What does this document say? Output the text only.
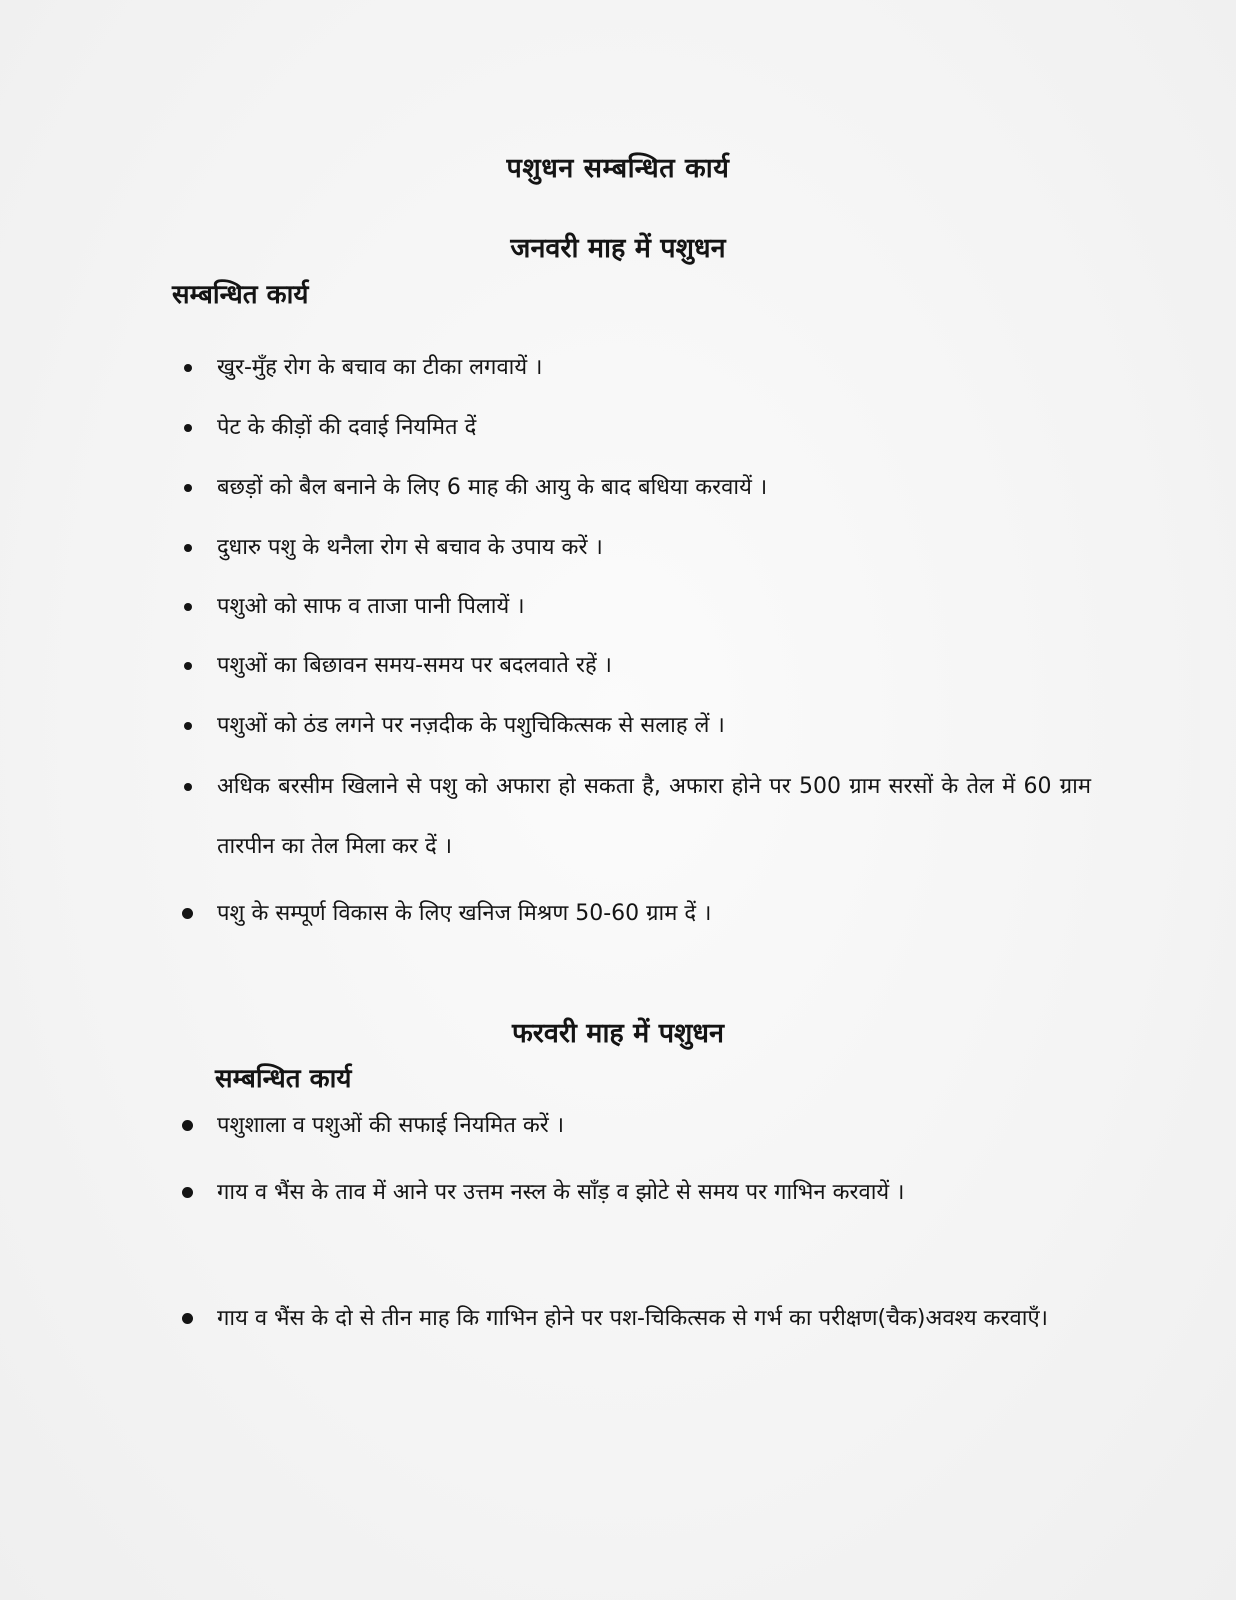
पशुधन सम्बन्धित कार्य
जनवरी माह में पशुधन
सम्बन्धित कार्य

खुर-मुँह रोग के बचाव का टीका लगवायें ।

पेट के कीड़ों की दवाई नियमित दें

बछड़ों को बैल बनाने के लिए 6 माह की आयु के बाद बधिया करवायें ।

दुधारु पशु के थनैला रोग से बचाव के उपाय करें ।

पशुओ को साफ व ताजा पानी पिलायें ।

पशुओं का बिछावन समय-समय पर बदलवाते रहें ।

पशुओं को ठंड लगने पर नज़दीक के पशुचिकित्सक से सलाह लें ।

अधिक बरसीम खिलाने से पशु को अफारा हो सकता है, अफारा होने पर 500 ग्राम सरसों के तेल में 60 ग्राम तारपीन का तेल मिला कर दें ।

पशु के सम्पूर्ण विकास के लिए खनिज मिश्रण 50-60 ग्राम दें ।

फरवरी माह में पशुधन
सम्बन्धित कार्य

पशुशाला व पशुओं की सफाई नियमित करें ।

गाय व भैंस के ताव में आने पर उत्तम नस्ल के साँड़ व झोटे से समय पर गाभिन करवायें ।

गाय व भैंस के दो से तीन माह कि गाभिन होने पर पश-चिकित्सक से गर्भ का परीक्षण(चैक)अवश्य करवाएँ।
